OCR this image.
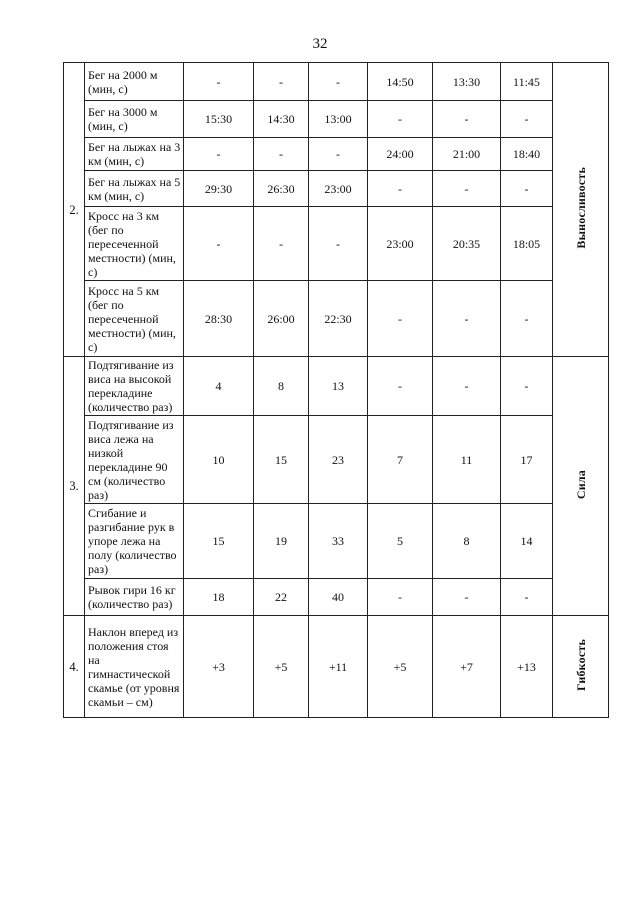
32
2.	Бег на 2000 м (мин, с)	-	-	-	14:50	13:30	11:45	Выносливость
	Бег на 3000 м (мин, с)	15:30	14:30	13:00	-	-	-	
	Бег на лыжах на 3 км (мин, с)	-	-	-	24:00	21:00	18:40	
	Бег на лыжах на 5 км (мин, с)	29:30	26:30	23:00	-	-	-	
	Кросс на 3 км (бег по пересеченной местности) (мин, с)	-	-	-	23:00	20:35	18:05	
	Кросс на 5 км (бег по пересеченной местности) (мин, с)	28:30	26:00	22:30	-	-	-	
3.	Подтягивание из виса на высокой перекладине (количество раз)	4	8	13	-	-	-	Сила
	Подтягивание из виса лежа на низкой перекладине 90 см (количество раз)	10	15	23	7	11	17	
	Сгибание и разгибание рук в упоре лежа на полу (количество раз)	15	19	33	5	8	14	
	Рывок гири 16 кг (количество раз)	18	22	40	-	-	-	
4.	Наклон вперед из положения стоя на гимнастической скамье (от уровня скамьи – см)	+3	+5	+11	+5	+7	+13	Гибкость
